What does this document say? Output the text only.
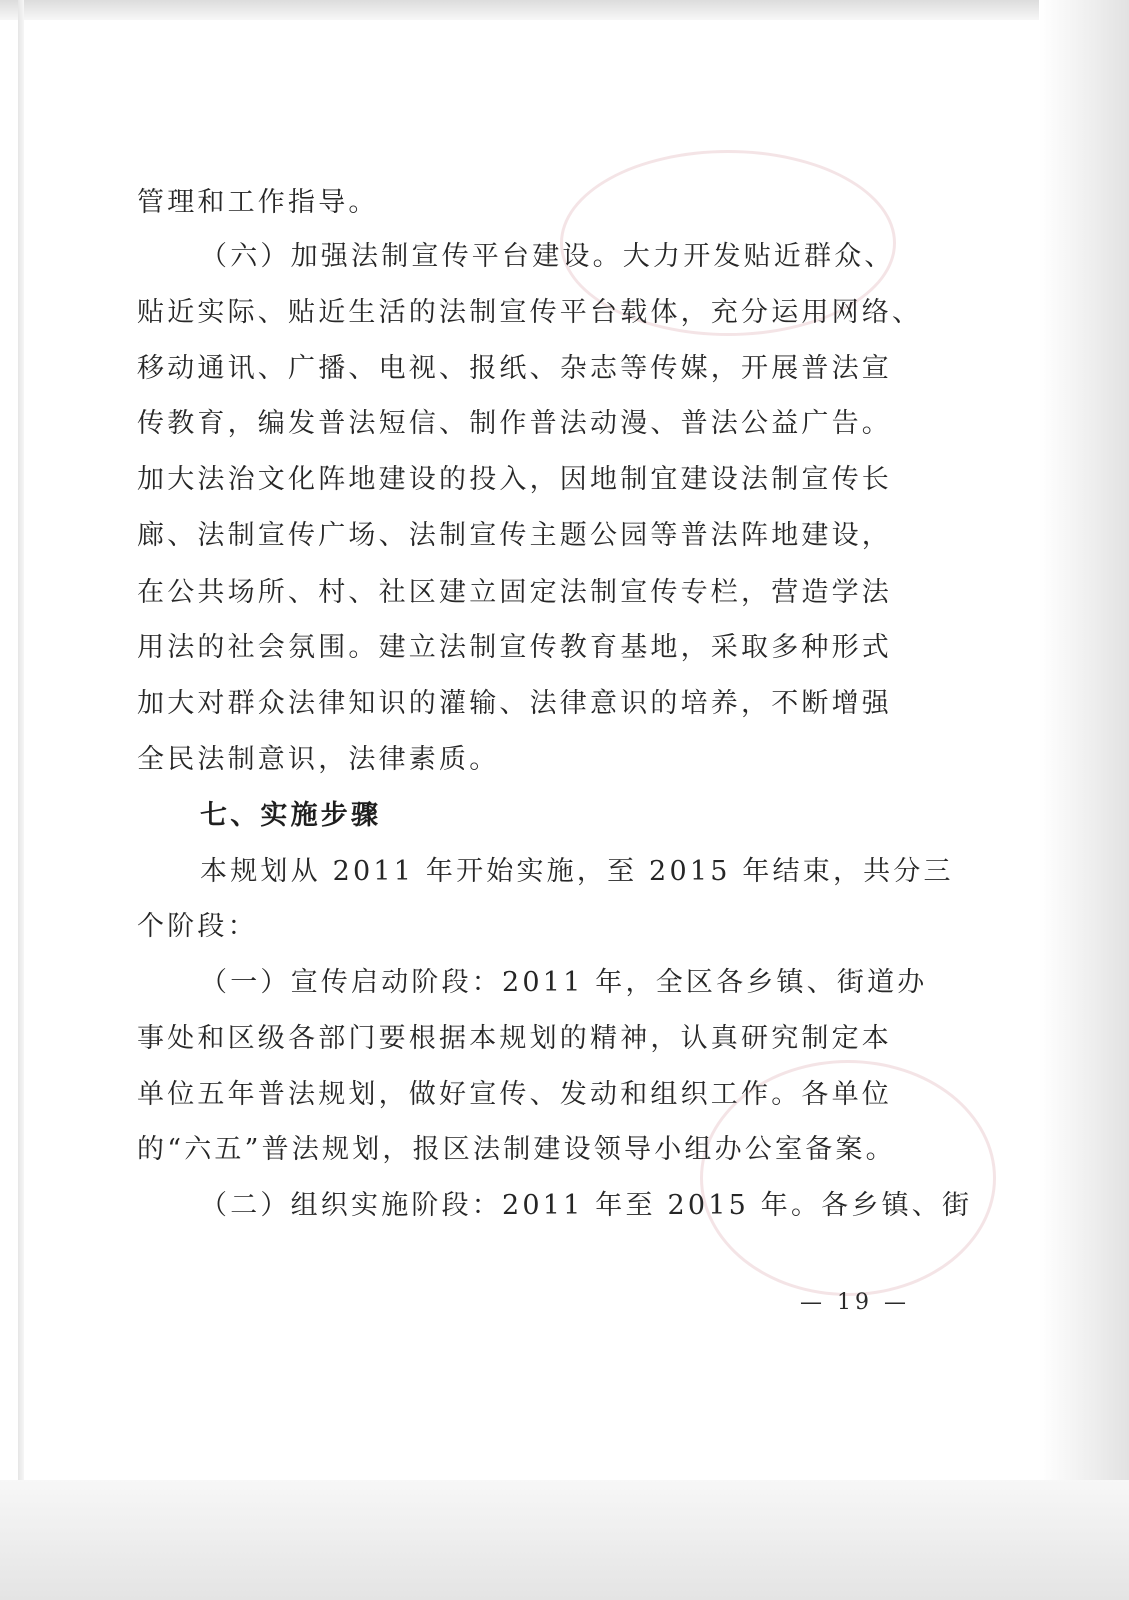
管理和工作指导。
（六）加强法制宣传平台建设。大力开发贴近群众、
贴近实际、贴近生活的法制宣传平台载体，充分运用网络、
移动通讯、广播、电视、报纸、杂志等传媒，开展普法宣
传教育，编发普法短信、制作普法动漫、普法公益广告。
加大法治文化阵地建设的投入，因地制宜建设法制宣传长
廊、法制宣传广场、法制宣传主题公园等普法阵地建设，
在公共场所、村、社区建立固定法制宣传专栏，营造学法
用法的社会氛围。建立法制宣传教育基地，采取多种形式
加大对群众法律知识的灌输、法律意识的培养，不断增强
全民法制意识，法律素质。
七、实施步骤
本规划从 2011 年开始实施，至 2015 年结束，共分三
个阶段：
（一）宣传启动阶段：2011 年，全区各乡镇、街道办
事处和区级各部门要根据本规划的精神，认真研究制定本
单位五年普法规划，做好宣传、发动和组织工作。各单位
的“六五”普法规划，报区法制建设领导小组办公室备案。
（二）组织实施阶段：2011 年至 2015 年。各乡镇、街
— 19 —
